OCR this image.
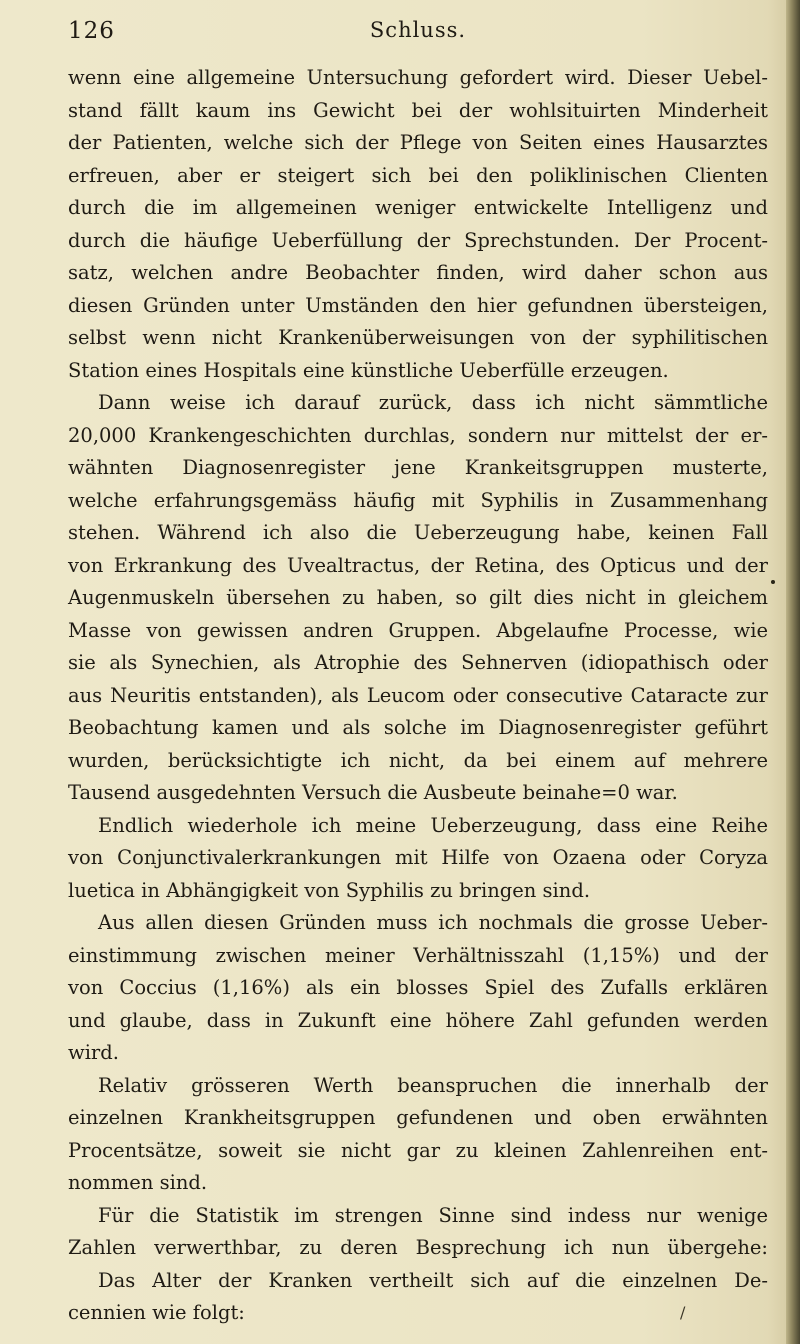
126	Schluss.
wenn eine allgemeine Untersuchung gefordert wird. Dieser Uebel-
stand fällt kaum ins Gewicht bei der wohlsituirten Minderheit
der Patienten, welche sich der Pflege von Seiten eines Hausarztes
erfreuen, aber er steigert sich bei den poliklinischen Clienten
durch die im allgemeinen weniger entwickelte Intelligenz und
durch die häufige Ueberfüllung der Sprechstunden. Der Procent-
satz, welchen andre Beobachter finden, wird daher schon aus
diesen Gründen unter Umständen den hier gefundnen übersteigen,
selbst wenn nicht Krankenüberweisungen von der syphilitischen
Station eines Hospitals eine künstliche Ueberfülle erzeugen.
Dann weise ich darauf zurück, dass ich nicht sämmtliche
20,000 Krankengeschichten durchlas, sondern nur mittelst der er-
wähnten Diagnosenregister jene Krankeitsgruppen musterte,
welche erfahrungsgemäss häufig mit Syphilis in Zusammenhang
stehen. Während ich also die Ueberzeugung habe, keinen Fall
von Erkrankung des Uvealtractus, der Retina, des Opticus und der
Augenmuskeln übersehen zu haben, so gilt dies nicht in gleichem
Masse von gewissen andren Gruppen. Abgelaufne Processe, wie
sie als Synechien, als Atrophie des Sehnerven (idiopathisch oder
aus Neuritis entstanden), als Leucom oder consecutive Cataracte zur
Beobachtung kamen und als solche im Diagnosenregister geführt
wurden, berücksichtigte ich nicht, da bei einem auf mehrere
Tausend ausgedehnten Versuch die Ausbeute beinahe=0 war.
Endlich wiederhole ich meine Ueberzeugung, dass eine Reihe
von Conjunctivalerkrankungen mit Hilfe von Ozaena oder Coryza
luetica in Abhängigkeit von Syphilis zu bringen sind.
Aus allen diesen Gründen muss ich nochmals die grosse Ueber-
einstimmung zwischen meiner Verhältnisszahl (1,15%) und der
von Coccius (1,16%) als ein blosses Spiel des Zufalls erklären
und glaube, dass in Zukunft eine höhere Zahl gefunden werden
wird.
Relativ grösseren Werth beanspruchen die innerhalb der
einzelnen Krankheitsgruppen gefundenen und oben erwähnten
Procentsätze, soweit sie nicht gar zu kleinen Zahlenreihen ent-
nommen sind.
Für die Statistik im strengen Sinne sind indess nur wenige
Zahlen verwerthbar, zu deren Besprechung ich nun übergehe:
Das Alter der Kranken vertheilt sich auf die einzelnen De-
cennien wie folgt:	/
